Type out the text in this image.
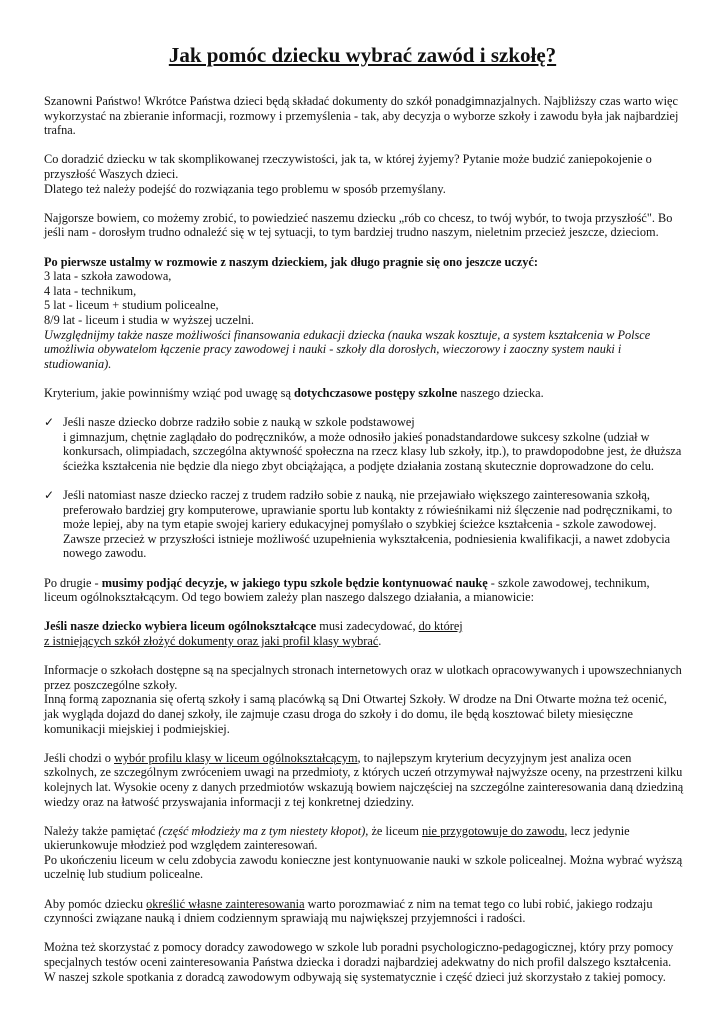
Jak pomóc dziecku wybrać zawód i szkołę?

Szanowni Państwo! Wkrótce Państwa dzieci będą składać dokumenty do szkół ponadgimnazjalnych. Najbliższy czas warto więc wykorzystać na zbieranie informacji, rozmowy i przemyślenia - tak, aby decyzja o wyborze szkoły i zawodu była jak najbardziej trafna.

Co doradzić dziecku w tak skomplikowanej rzeczywistości, jak ta, w której żyjemy? Pytanie może budzić zaniepokojenie o przyszłość Waszych dzieci.
Dlatego też należy podejść do rozwiązania tego problemu w sposób przemyślany.

Najgorsze bowiem, co możemy zrobić, to powiedzieć naszemu dziecku „rób co chcesz, to twój wybór, to twoja przyszłość". Bo jeśli nam - dorosłym trudno odnaleźć się w tej sytuacji, to tym bardziej trudno naszym, nieletnim przecież jeszcze, dzieciom.

Po pierwsze ustalmy w rozmowie z naszym dzieckiem, jak długo pragnie się ono jeszcze uczyć:
3 lata - szkoła zawodowa,
4 lata - technikum,
5 lat - liceum + studium policealne,
8/9 lat - liceum i studia w wyższej uczelni.
Uwzględnijmy także nasze możliwości finansowania edukacji dziecka (nauka wszak kosztuje, a system kształcenia w Polsce umożliwia obywatelom łączenie pracy zawodowej i nauki - szkoły dla dorosłych, wieczorowy i zaoczny system nauki i studiowania).

Kryterium, jakie powinniśmy wziąć pod uwagę są dotychczasowe postępy szkolne naszego dziecka.

✓ Jeśli nasze dziecko dobrze radziło sobie z nauką w szkole podstawowej
i gimnazjum, chętnie zaglądało do podręczników, a może odnosiło jakieś ponadstandardowe sukcesy szkolne (udział w konkursach, olimpiadach, szczególna aktywność społeczna na rzecz klasy lub szkoły, itp.), to prawdopodobne jest, że dłuższa ścieżka kształcenia nie będzie dla niego zbyt obciążająca, a podjęte działania zostaną skutecznie doprowadzone do celu.
✓ Jeśli natomiast nasze dziecko raczej z trudem radziło sobie z nauką, nie przejawiało większego zainteresowania szkołą, preferowało bardziej gry komputerowe, uprawianie sportu lub kontakty z rówieśnikami niż ślęczenie nad podręcznikami, to może lepiej, aby na tym etapie swojej kariery edukacyjnej pomyślało o szybkiej ścieżce kształcenia - szkole zawodowej. Zawsze przecież w przyszłości istnieje możliwość uzupełnienia wykształcenia, podniesienia kwalifikacji, a nawet zdobycia nowego zawodu.

Po drugie - musimy podjąć decyzje, w jakiego typu szkole będzie kontynuować naukę - szkole zawodowej, technikum, liceum ogólnokształcącym. Od tego bowiem zależy plan naszego dalszego działania, a mianowicie:

Jeśli nasze dziecko wybiera liceum ogólnokształcące musi zadecydować, do której
z istniejących szkół złożyć dokumenty oraz jaki profil klasy wybrać.

Informacje o szkołach dostępne są na specjalnych stronach internetowych oraz w ulotkach opracowywanych i upowszechnianych przez poszczególne szkoły.
Inną formą zapoznania się ofertą szkoły i samą placówką są Dni Otwartej Szkoły. W drodze na Dni Otwarte można też ocenić, jak wygląda dojazd do danej szkoły, ile zajmuje czasu droga do szkoły i do domu, ile będą kosztować bilety miesięczne komunikacji miejskiej i podmiejskiej.

Jeśli chodzi o wybór profilu klasy w liceum ogólnokształcącym, to najlepszym kryterium decyzyjnym jest analiza ocen szkolnych, ze szczególnym zwróceniem uwagi na przedmioty, z których uczeń otrzymywał najwyższe oceny, na przestrzeni kilku kolejnych lat. Wysokie oceny z danych przedmiotów wskazują bowiem najczęściej na szczególne zainteresowania daną dziedziną wiedzy oraz na łatwość przyswajania informacji z tej konkretnej dziedziny.

Należy także pamiętać (część młodzieży ma z tym niestety kłopot), że liceum nie przygotowuje do zawodu, lecz jedynie ukierunkowuje młodzież pod względem zainteresowań.
Po ukończeniu liceum w celu zdobycia zawodu konieczne jest kontynuowanie nauki w szkole policealnej. Można wybrać wyższą uczelnię lub studium policealne.

Aby pomóc dziecku określić własne zainteresowania warto porozmawiać z nim na temat tego co lubi robić, jakiego rodzaju czynności związane nauką i dniem codziennym sprawiają mu największej przyjemności i radości.

Można też skorzystać z pomocy doradcy zawodowego w szkole lub poradni psychologiczno-pedagogicznej, który przy pomocy specjalnych testów oceni zainteresowania Państwa dziecka i doradzi najbardziej adekwatny do nich profil dalszego kształcenia. W naszej szkole spotkania z doradcą zawodowym odbywają się systematycznie i część dzieci już skorzystało z takiej pomocy.
